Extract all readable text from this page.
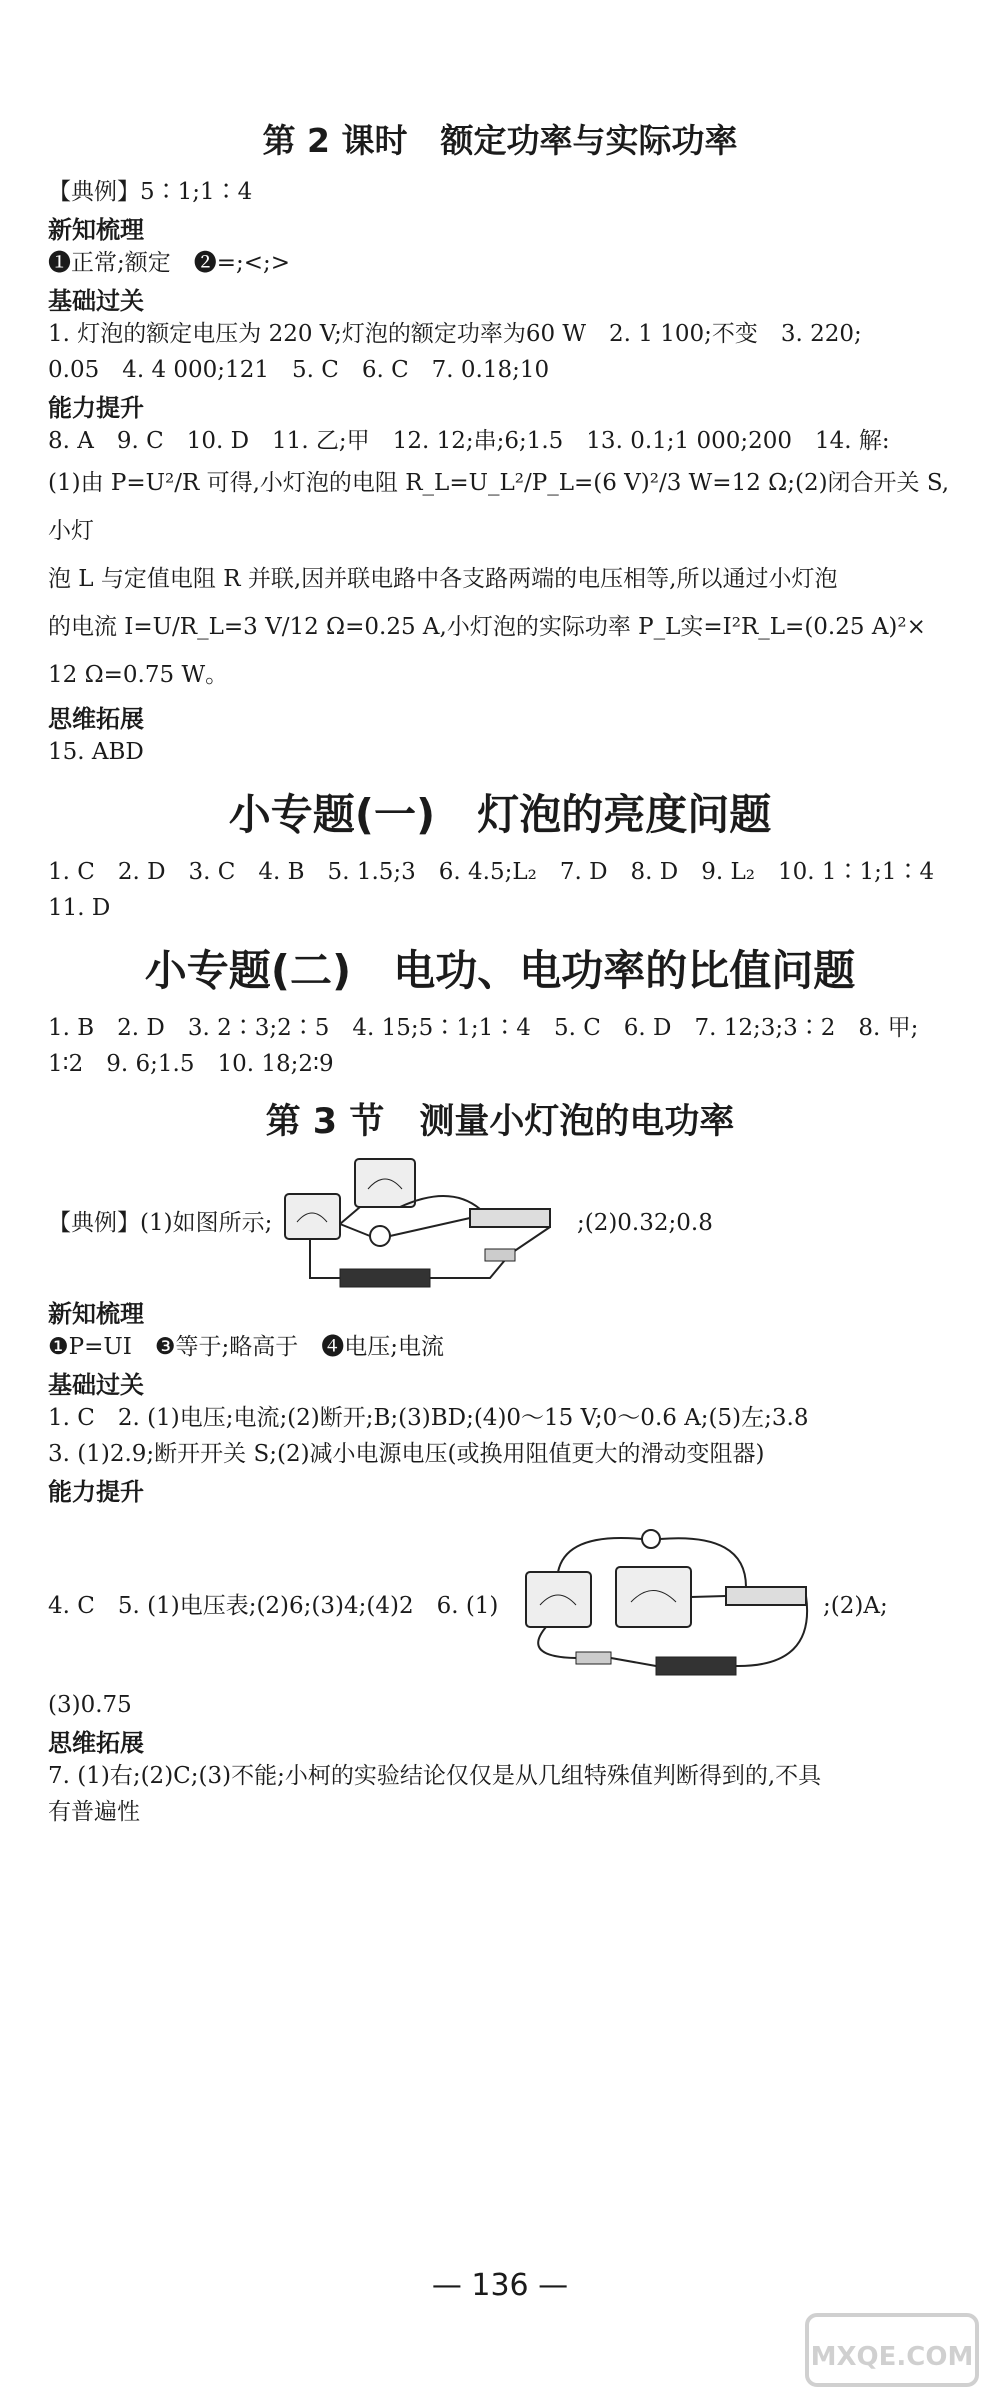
第 2 课时　额定功率与实际功率
【典例】5∶1;1∶4
新知梳理
❶正常;额定　❷=;<;>
基础过关
1. 灯泡的额定电压为 220 V;灯泡的额定功率为60 W　2. 1 100;不变　3. 220;
0.05　4. 4 000;121　5. C　6. C　7. 0.18;10
能力提升
8. A　9. C　10. D　11. 乙;甲　12. 12;串;6;1.5　13. 0.1;1 000;200　14. 解:
(1)由 P=U²/R 可得,小灯泡的电阻 R_L=U_L²/P_L=(6 V)²/3 W=12 Ω;(2)闭合开关 S,小灯
泡 L 与定值电阻 R 并联,因并联电路中各支路两端的电压相等,所以通过小灯泡
的电流 I=U/R_L=3 V/12 Ω=0.25 A,小灯泡的实际功率 P_L实=I²R_L=(0.25 A)²×
12 Ω=0.75 W。
思维拓展
15. ABD
小专题(一)　灯泡的亮度问题
1. C　2. D　3. C　4. B　5. 1.5;3　6. 4.5;L₂　7. D　8. D　9. L₂　10. 1∶1;1∶4
11. D
小专题(二)　电功、电功率的比值问题
1. B　2. D　3. 2∶3;2∶5　4. 15;5∶1;1∶4　5. C　6. D　7. 12;3;3∶2　8. 甲;
1∶2　9. 6;1.5　10. 18;2∶9
第 3 节　测量小灯泡的电功率
【典例】(1)如图所示;	;(2)0.32;0.8
新知梳理
❶P=UI　❸等于;略高于　❹电压;电流
基础过关
1. C　2. (1)电压;电流;(2)断开;B;(3)BD;(4)0～15 V;0～0.6 A;(5)左;3.8
3. (1)2.9;断开开关 S;(2)减小电源电压(或换用阻值更大的滑动变阻器)
能力提升
4. C　5. (1)电压表;(2)6;(3)4;(4)2　6. (1)	;(2)A;
(3)0.75
思维拓展
7. (1)右;(2)C;(3)不能;小柯的实验结论仅仅是从几组特殊值判断得到的,不具
有普遍性
— 136 —
MXQE.COM
